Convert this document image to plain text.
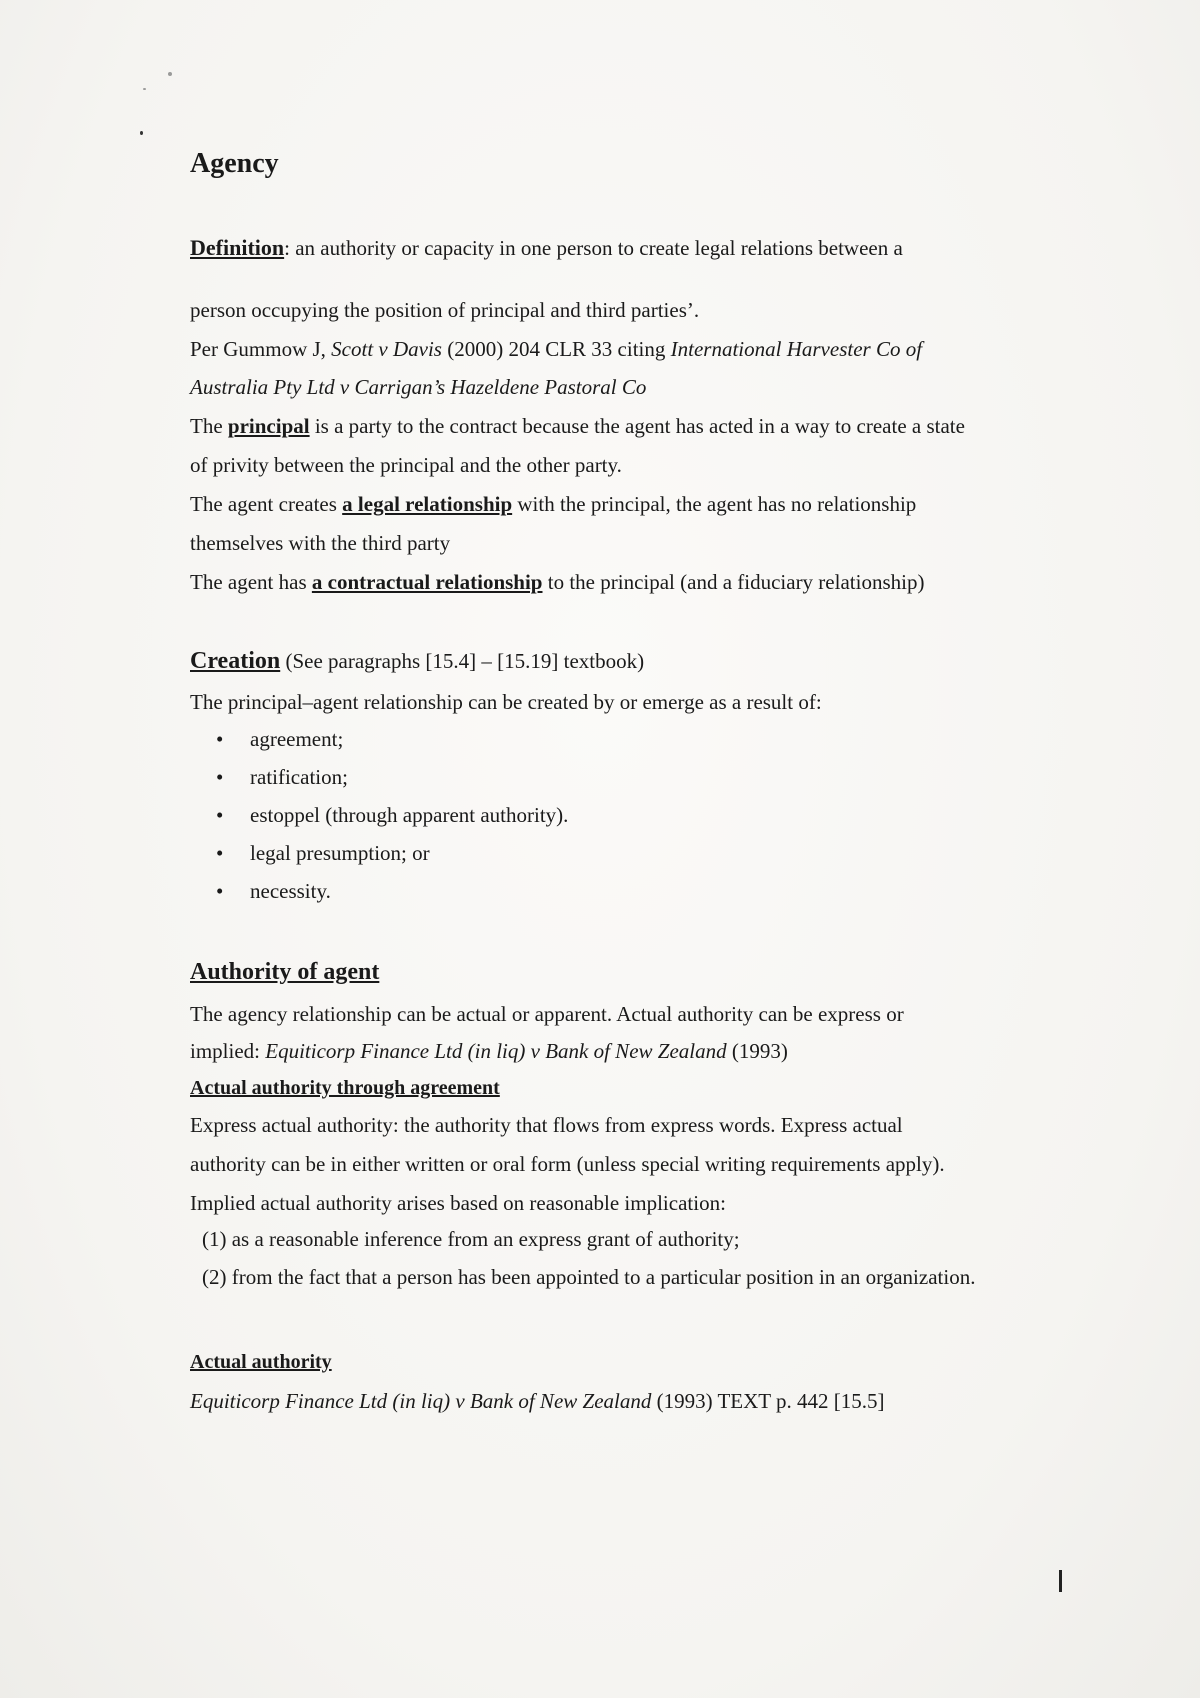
Agency
Definition: an authority or capacity in one person to create legal relations between a
person occupying the position of principal and third parties’.
Per Gummow J, Scott v Davis (2000) 204 CLR 33 citing International Harvester Co of
Australia Pty Ltd v Carrigan’s Hazeldene Pastoral Co
The principal is a party to the contract because the agent has acted in a way to create a state
of privity between the principal and the other party.
The agent creates a legal relationship with the principal, the agent has no relationship
themselves with the third party
The agent has a contractual relationship to the principal (and a fiduciary relationship)
Creation (See paragraphs [15.4] – [15.19] textbook)
The principal–agent relationship can be created by or emerge as a result of:
• agreement;
• ratification;
• estoppel (through apparent authority).
• legal presumption; or
• necessity.
Authority of agent
The agency relationship can be actual or apparent. Actual authority can be express or
implied: Equiticorp Finance Ltd (in liq) v Bank of New Zealand (1993)
Actual authority through agreement
Express actual authority: the authority that flows from express words. Express actual
authority can be in either written or oral form (unless special writing requirements apply).
Implied actual authority arises based on reasonable implication:
(1) as a reasonable inference from an express grant of authority;
(2) from the fact that a person has been appointed to a particular position in an organization.
Actual authority
Equiticorp Finance Ltd (in liq) v Bank of New Zealand (1993) TEXT p. 442 [15.5]
